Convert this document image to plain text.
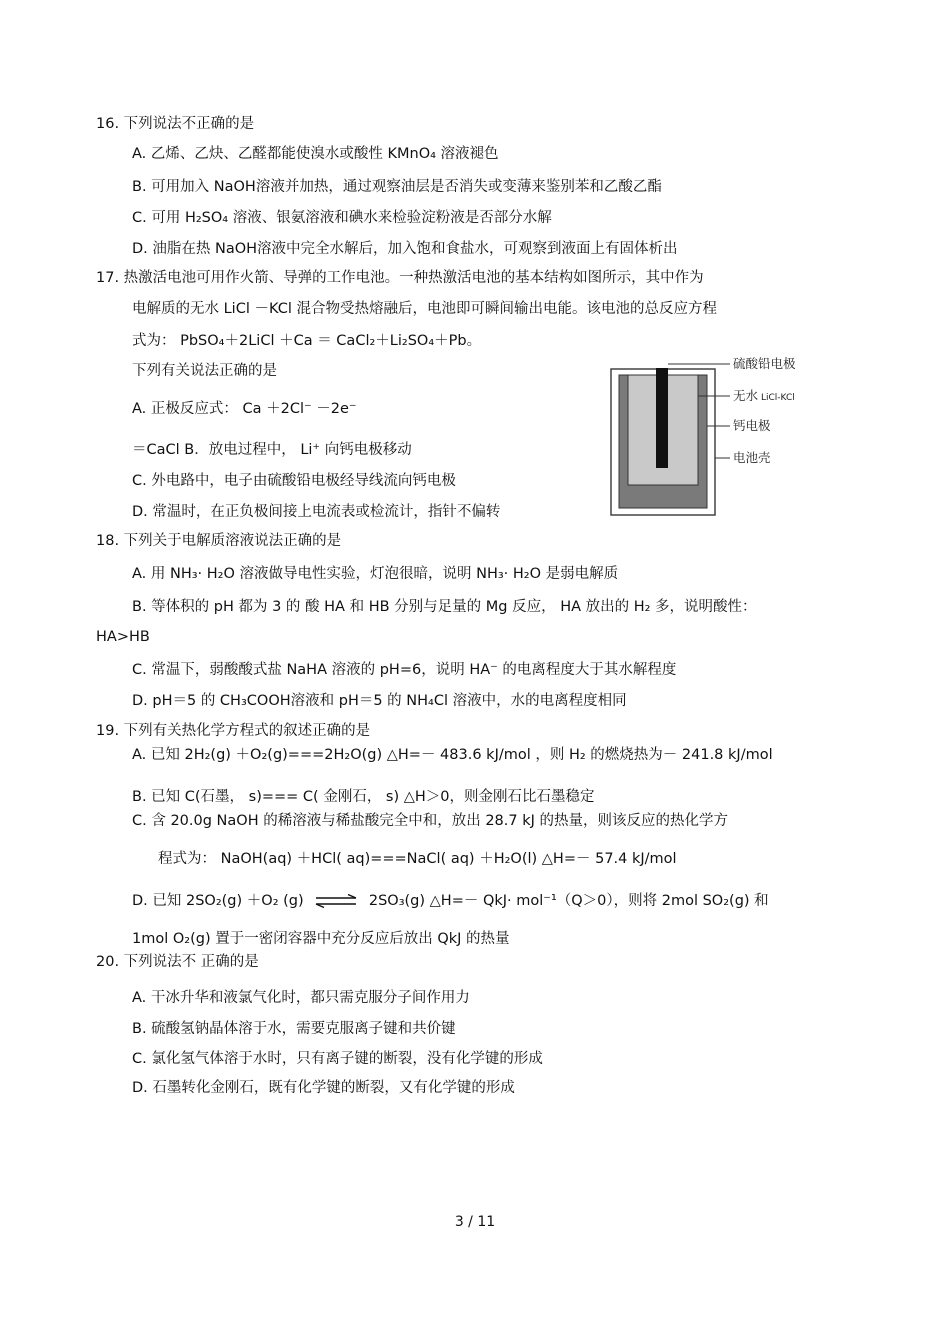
16. 下列说法不正确的是
A. 乙烯、乙炔、乙醛都能使溴水或酸性 KMnO₄ 溶液褪色
B. 可用加入 NaOH溶液并加热，通过观察油层是否消失或变薄来鉴别苯和乙酸乙酯
C. 可用 H₂SO₄ 溶液、银氨溶液和碘水来检验淀粉液是否部分水解
D. 油脂在热 NaOH溶液中完全水解后，加入饱和食盐水，可观察到液面上有固体析出
17. 热激活电池可用作火箭、导弹的工作电池。一种热激活电池的基本结构如图所示，其中作为
电解质的无水 LiCl －KCl 混合物受热熔融后，电池即可瞬间输出电能。该电池的总反应方程
式为： PbSO₄＋2LiCl ＋Ca ＝ CaCl₂＋Li₂SO₄＋Pb。
下列有关说法正确的是
A. 正极反应式： Ca ＋2Cl⁻ －2e⁻
＝CaCl B．放电过程中， Li⁺ 向钙电极移动
C. 外电路中，电子由硫酸铅电极经导线流向钙电极
D. 常温时，在正负极间接上电流表或检流计，指针不偏转
硫酸铅电极
无水 LiCl-KCl
钙电极
电池壳
18. 下列关于电解质溶液说法正确的是
A. 用 NH₃· H₂O 溶液做导电性实验，灯泡很暗，说明 NH₃· H₂O 是弱电解质
B. 等体积的 pH 都为 3 的 酸 HA 和 HB 分别与足量的 Mg 反应， HA 放出的 H₂ 多，说明酸性：
HA>HB
C. 常温下，弱酸酸式盐 NaHA 溶液的 pH=6，说明 HA⁻ 的电离程度大于其水解程度
D. pH＝5 的 CH₃COOH溶液和 pH＝5 的 NH₄Cl 溶液中，水的电离程度相同
19. 下列有关热化学方程式的叙述正确的是
A. 已知 2H₂(g) ＋O₂(g)===2H₂O(g) △H=－ 483.6 kJ/mol ，则 H₂ 的燃烧热为－ 241.8 kJ/mol
B. 已知 C(石墨， s)=== C( 金刚石， s) △H＞0，则金刚石比石墨稳定
C. 含 20.0g NaOH 的稀溶液与稀盐酸完全中和，放出 28.7 kJ 的热量，则该反应的热化学方
程式为： NaOH(aq) ＋HCl( aq)===NaCl( aq) ＋H₂O(l) △H=－ 57.4 kJ/mol
D. 已知 2SO₂(g) ＋O₂ (g) ⇌ 2SO₃(g) △H=－ QkJ· mol⁻¹（Q＞0），则将 2mol SO₂(g) 和
1mol O₂(g) 置于一密闭容器中充分反应后放出 QkJ 的热量
20. 下列说法不 正确的是
A. 干冰升华和液氯气化时，都只需克服分子间作用力
B. 硫酸氢钠晶体溶于水，需要克服离子键和共价键
C. 氯化氢气体溶于水时，只有离子键的断裂，没有化学键的形成
D. 石墨转化金刚石，既有化学键的断裂，又有化学键的形成
3 / 11
